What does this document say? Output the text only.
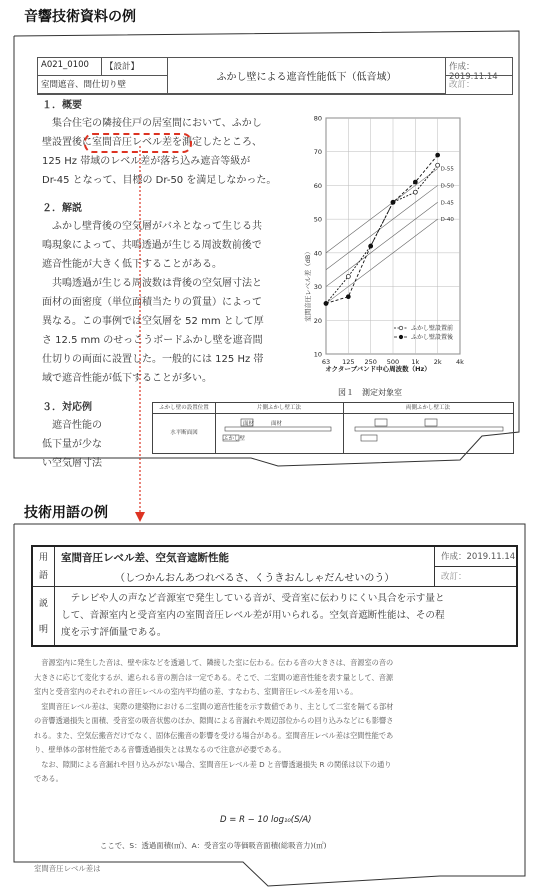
音響技術資料の例
A021_0100	【設計】
室間遮音、間仕切り壁
ふかし壁による遮音性能低下（低音域）
作成：2019.11.14
改訂：
１．概要
　集合住宅の隣接住戸の居室間において、ふかし
壁設置後に室間音圧レベル差を測定したところ、
125 Hz 帯域のレベル差が落ち込み遮音等級が
Dr-45 となって、目標の Dr-50 を満足しなかった。
２．解説
　ふかし壁背後の空気層がバネとなって生じる共
鳴現象によって、共鳴透過が生じる周波数前後で
遮音性能が大きく低下することがある。
　共鳴透過が生じる周波数は背後の空気層寸法と
面材の面密度（単位面積当たりの質量）によって
異なる。この事例では空気層を 52 mm として厚
さ 12.5 mm のせっこうボードふかし壁を遮音間
仕切りの両面に設置した。一般的には 125 Hz 帯
域で遮音性能が低下することが多い。
３．対応例
　遮音性能の
低下量が少な
い空気層寸法
ふかし壁の設置位置	片側ふかし壁工法	両側ふかし壁工法
水平断面図
面材	面材
ふかし壁
室間音圧レベル差（dB）
10
20
30
40
50
60
70
80
63 125 250 500 1k 2k 4k
D-55
D-50
D-45
D-40
ふかし壁設置前
ふかし壁設置後
オクターブバンド中心周波数（Hz）
図１　測定対象室
技術用語の例
用
語
室間音圧レベル差、空気音遮断性能
（しつかんおんあつれべるさ、くうきおんしゃだんせいのう）
作成：2019.11.14
改訂：
説
明
　テレビや人の声など音源室で発生している音が、受音室に伝わりにくい具合を示す量と
して、音源室内と受音室内の室間音圧レベル差が用いられる。空気音遮断性能は、その程
度を示す評価量である。
　音源室内に発生した音は、壁や床などを透過して、隣接した室に伝わる。伝わる音の大きさは、音源室の音の
大きさに応じて変化するが、遮られる音の割合は一定である。そこで、二室間の遮音性能を表す量として、音源
室内と受音室内のそれぞれの音圧レベルの室内平均値の差、すなわち、室間音圧レベル差を用いる。
　室間音圧レベル差は、実際の建築物における二室間の遮音性能を示す数値であり、主として二室を隔てる部材
の音響透過損失と面積、受音室の吸音状態のほか、隙間による音漏れや周辺部位からの回り込みなどにも影響さ
れる。また、空気伝搬音だけでなく、固体伝搬音の影響を受ける場合がある。室間音圧レベル差は空間性能であ
り、壁単体の部材性能である音響透過損失とは異なるので注意が必要である。
　なお、隙間による音漏れや回り込みがない場合、室間音圧レベル差 D と音響透過損失 R の関係は以下の通り
である。
D = R − 10 log₁₀(S/A)
ここで、S：透過面積(㎡)、A：受音室の等価吸音面積(総吸音力)(㎡)
室間音圧レベル差は
